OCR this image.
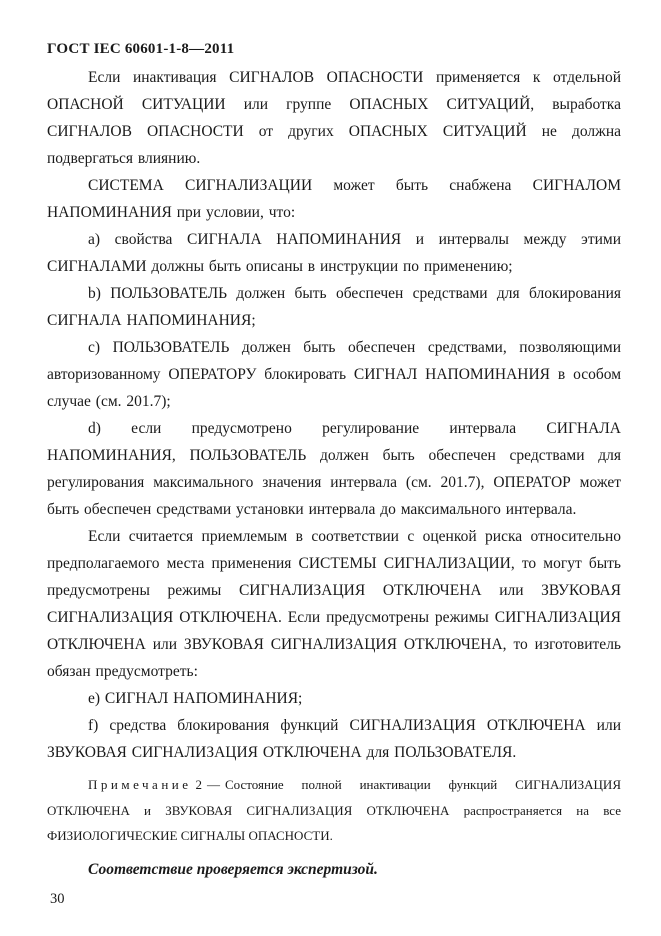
ГОСТ IEC 60601-1-8—2011

Если инактивация СИГНАЛОВ ОПАСНОСТИ применяется к отдельной ОПАСНОЙ СИТУАЦИИ или группе ОПАСНЫХ СИТУАЦИЙ, выработка СИГНАЛОВ ОПАСНОСТИ от других ОПАСНЫХ СИТУАЦИЙ не должна подвергаться влиянию.

СИСТЕМА СИГНАЛИЗАЦИИ может быть снабжена СИГНАЛОМ НАПОМИНАНИЯ при условии, что:

a) свойства СИГНАЛА НАПОМИНАНИЯ и интервалы между этими СИГНАЛАМИ должны быть описаны в инструкции по применению;

b) ПОЛЬЗОВАТЕЛЬ должен быть обеспечен средствами для блокирования СИГНАЛА НАПОМИНАНИЯ;

c) ПОЛЬЗОВАТЕЛЬ должен быть обеспечен средствами, позволяющими авторизованному ОПЕРАТОРУ блокировать СИГНАЛ НАПОМИНАНИЯ в особом случае (см. 201.7);

d) если предусмотрено регулирование интервала СИГНАЛА НАПОМИНАНИЯ, ПОЛЬЗОВАТЕЛЬ должен быть обеспечен средствами для регулирования максимального значения интервала (см. 201.7), ОПЕРАТОР может быть обеспечен средствами установки интервала до максимального интервала.

Если считается приемлемым в соответствии с оценкой риска относительно предполагаемого места применения СИСТЕМЫ СИГНАЛИЗАЦИИ, то могут быть предусмотрены режимы СИГНАЛИЗАЦИЯ ОТКЛЮЧЕНА или ЗВУКОВАЯ СИГНАЛИЗАЦИЯ ОТКЛЮЧЕНА. Если предусмотрены режимы СИГНАЛИЗАЦИЯ ОТКЛЮЧЕНА или ЗВУКОВАЯ СИГНАЛИЗАЦИЯ ОТКЛЮЧЕНА, то изготовитель обязан предусмотреть:

e) СИГНАЛ НАПОМИНАНИЯ;

f) средства блокирования функций СИГНАЛИЗАЦИЯ ОТКЛЮЧЕНА или ЗВУКОВАЯ СИГНАЛИЗАЦИЯ ОТКЛЮЧЕНА для ПОЛЬЗОВАТЕЛЯ.

Примечание 2 — Состояние полной инактивации функций СИГНАЛИЗАЦИЯ ОТКЛЮЧЕНА и ЗВУКОВАЯ СИГНАЛИЗАЦИЯ ОТКЛЮЧЕНА распространяется на все ФИЗИОЛОГИЧЕСКИЕ СИГНАЛЫ ОПАСНОСТИ.

Соответствие проверяется экспертизой.

30
